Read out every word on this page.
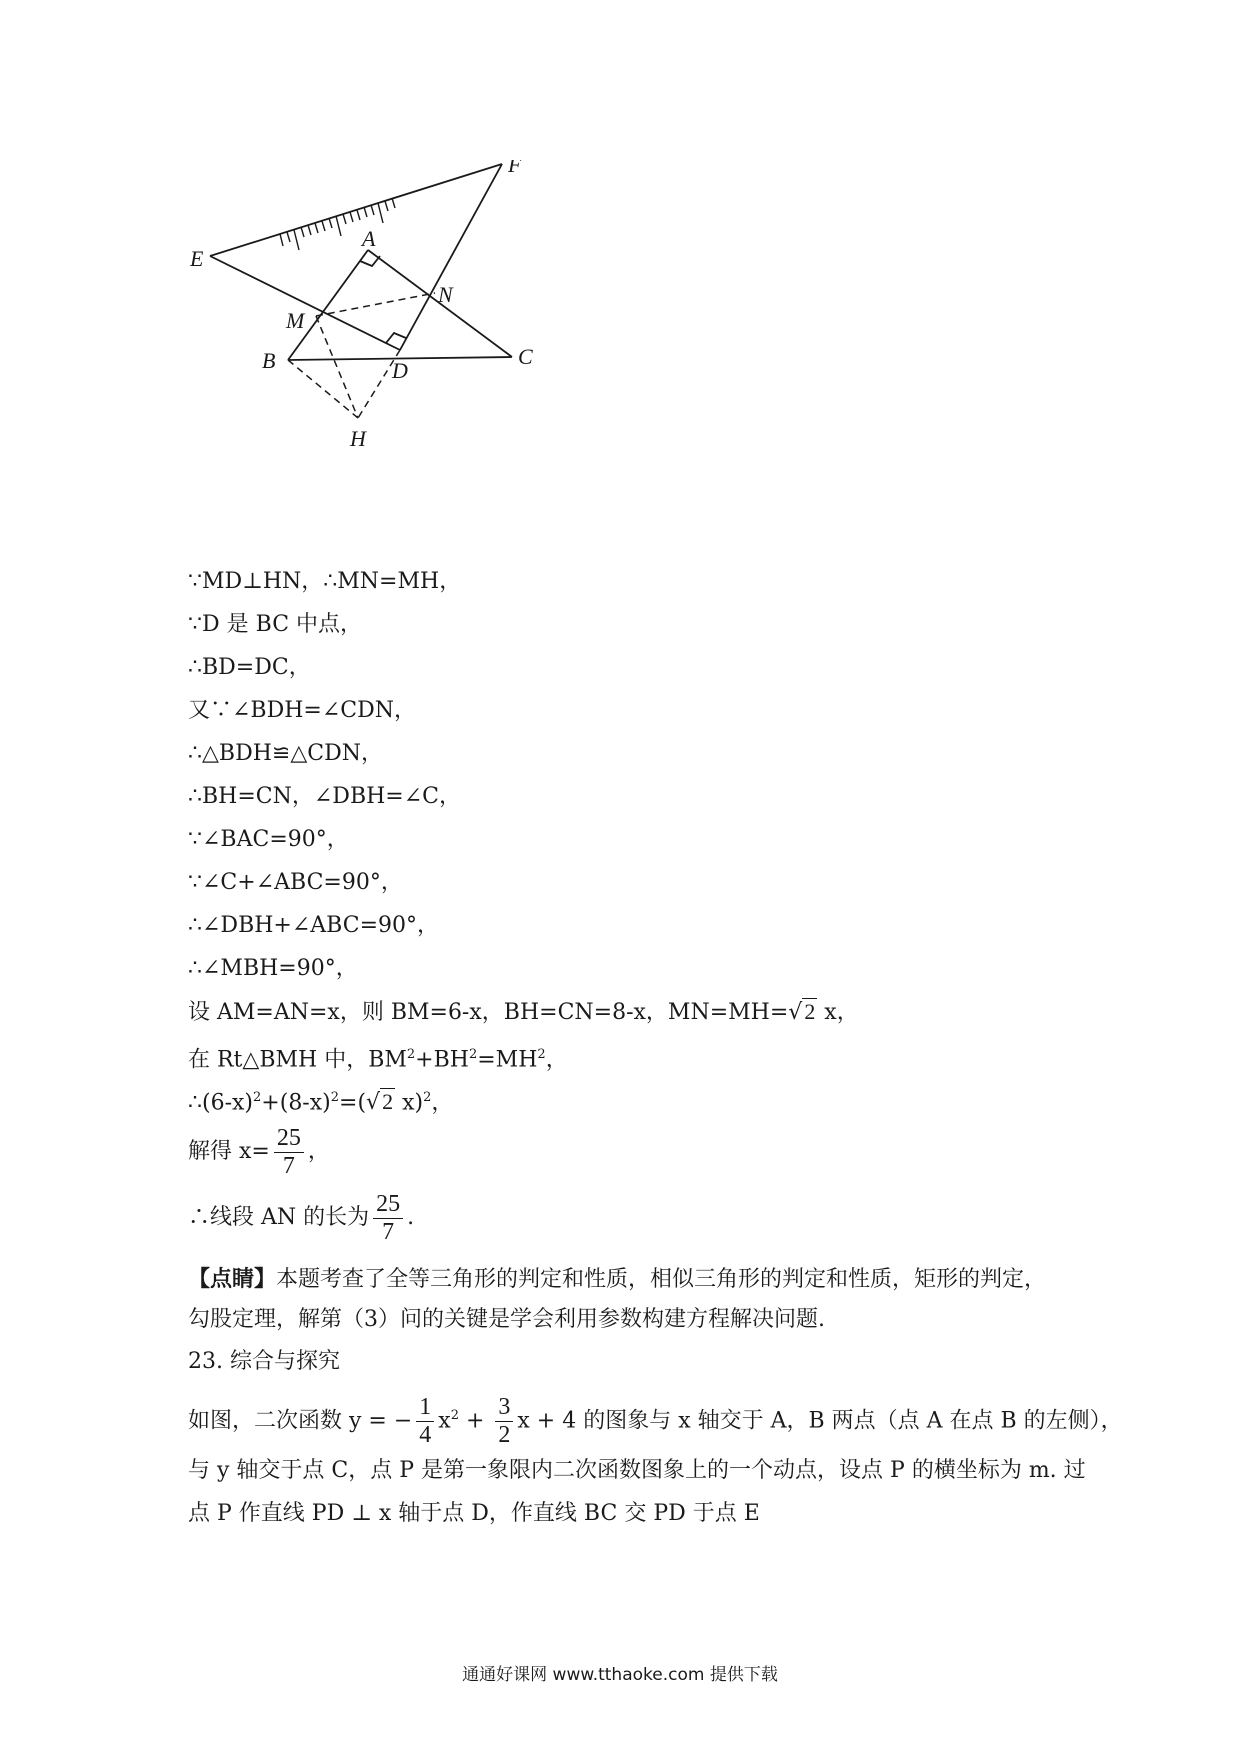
A
B	C
D
E
F
H
M
N
∵MD⊥HN，∴MN=MH，
∵D 是 BC 中点，
∴BD=DC，
又∵∠BDH=∠CDN，
∴△BDH≌△CDN，
∴BH=CN，∠DBH=∠C，
∵∠BAC=90°，
∵∠C+∠ABC=90°，
∴∠DBH+∠ABC=90°，
∴∠MBH=90°，
设 AM=AN=x，则 BM=6-x，BH=CN=8-x，MN=MH=√2 x，
在 Rt△BMH 中，$BM^2+BH^2=MH^2$，
$\therefore(6-x)^2+(8-x)^2=(√2$ x)$^2$，
解得 $x= \frac{25}{7}$ ，
∴线段 AN 的长为 $\frac{25}{7}$ .
【点睛】本题考查了全等三角形的判定和性质，相似三角形的判定和性质，矩形的判定，勾股定理，解第（3）问的关键是学会利用参数构建方程解决问题.
23. 综合与探究
如图，二次函数 y = − $\frac{1}{4} x^2 + \frac{3}{2}$ x + 4 的图象与 x 轴交于 A，B 两点（点 A 在点 B 的左侧），
与 y 轴交于点 C，点 P 是第一象限内二次函数图象上的一个动点，设点 P 的横坐标为 m. 过
点 P 作直线 PD ⊥ x 轴于点 D，作直线 BC 交 PD 于点 E
通通好课网 www.tthaoke.com 提供下载
